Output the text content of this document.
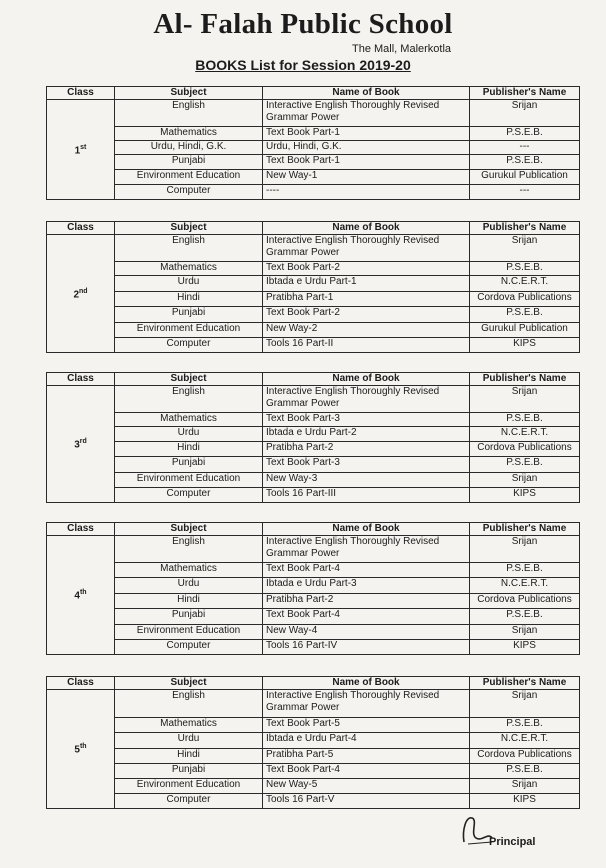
Al- Falah Public School
The Mall, Malerkotla
BOOKS List for Session 2019-20
Class	Subject	Name of Book	Publisher's Name
1st	English	Interactive English Thoroughly Revised Grammar Power	Srijan
	Mathematics	Text Book Part-1	P.S.E.B.
	Urdu, Hindi, G.K.	Urdu, Hindi, G.K.	---
	Punjabi	Text Book Part-1	P.S.E.B.
	Environment Education	New Way-1	Gurukul Publication
	Computer	----	---
Class	Subject	Name of Book	Publisher's Name
2nd	English	Interactive English Thoroughly Revised Grammar Power	Srijan
	Mathematics	Text Book Part-2	P.S.E.B.
	Urdu	Ibtada e Urdu Part-1	N.C.E.R.T.
	Hindi	Pratibha Part-1	Cordova Publications
	Punjabi	Text Book Part-2	P.S.E.B.
	Environment Education	New Way-2	Gurukul Publication
	Computer	Tools 16 Part-II	KIPS
Class	Subject	Name of Book	Publisher's Name
3rd	English	Interactive English Thoroughly Revised Grammar Power	Srijan
	Mathematics	Text Book Part-3	P.S.E.B.
	Urdu	Ibtada e Urdu Part-2	N.C.E.R.T.
	Hindi	Pratibha Part-2	Cordova Publications
	Punjabi	Text Book Part-3	P.S.E.B.
	Environment Education	New Way-3	Srijan
	Computer	Tools 16 Part-III	KIPS
Class	Subject	Name of Book	Publisher's Name
4th	English	Interactive English Thoroughly Revised Grammar Power	Srijan
	Mathematics	Text Book Part-4	P.S.E.B.
	Urdu	Ibtada e Urdu Part-3	N.C.E.R.T.
	Hindi	Pratibha Part-2	Cordova Publications
	Punjabi	Text Book Part-4	P.S.E.B.
	Environment Education	New Way-4	Srijan
	Computer	Tools 16 Part-IV	KIPS
Class	Subject	Name of Book	Publisher's Name
5th	English	Interactive English Thoroughly Revised Grammar Power	Srijan
	Mathematics	Text Book Part-5	P.S.E.B.
	Urdu	Ibtada e Urdu Part-4	N.C.E.R.T.
	Hindi	Pratibha Part-5	Cordova Publications
	Punjabi	Text Book Part-4	P.S.E.B.
	Environment Education	New Way-5	Srijan
	Computer	Tools 16 Part-V	KIPS
Principal
